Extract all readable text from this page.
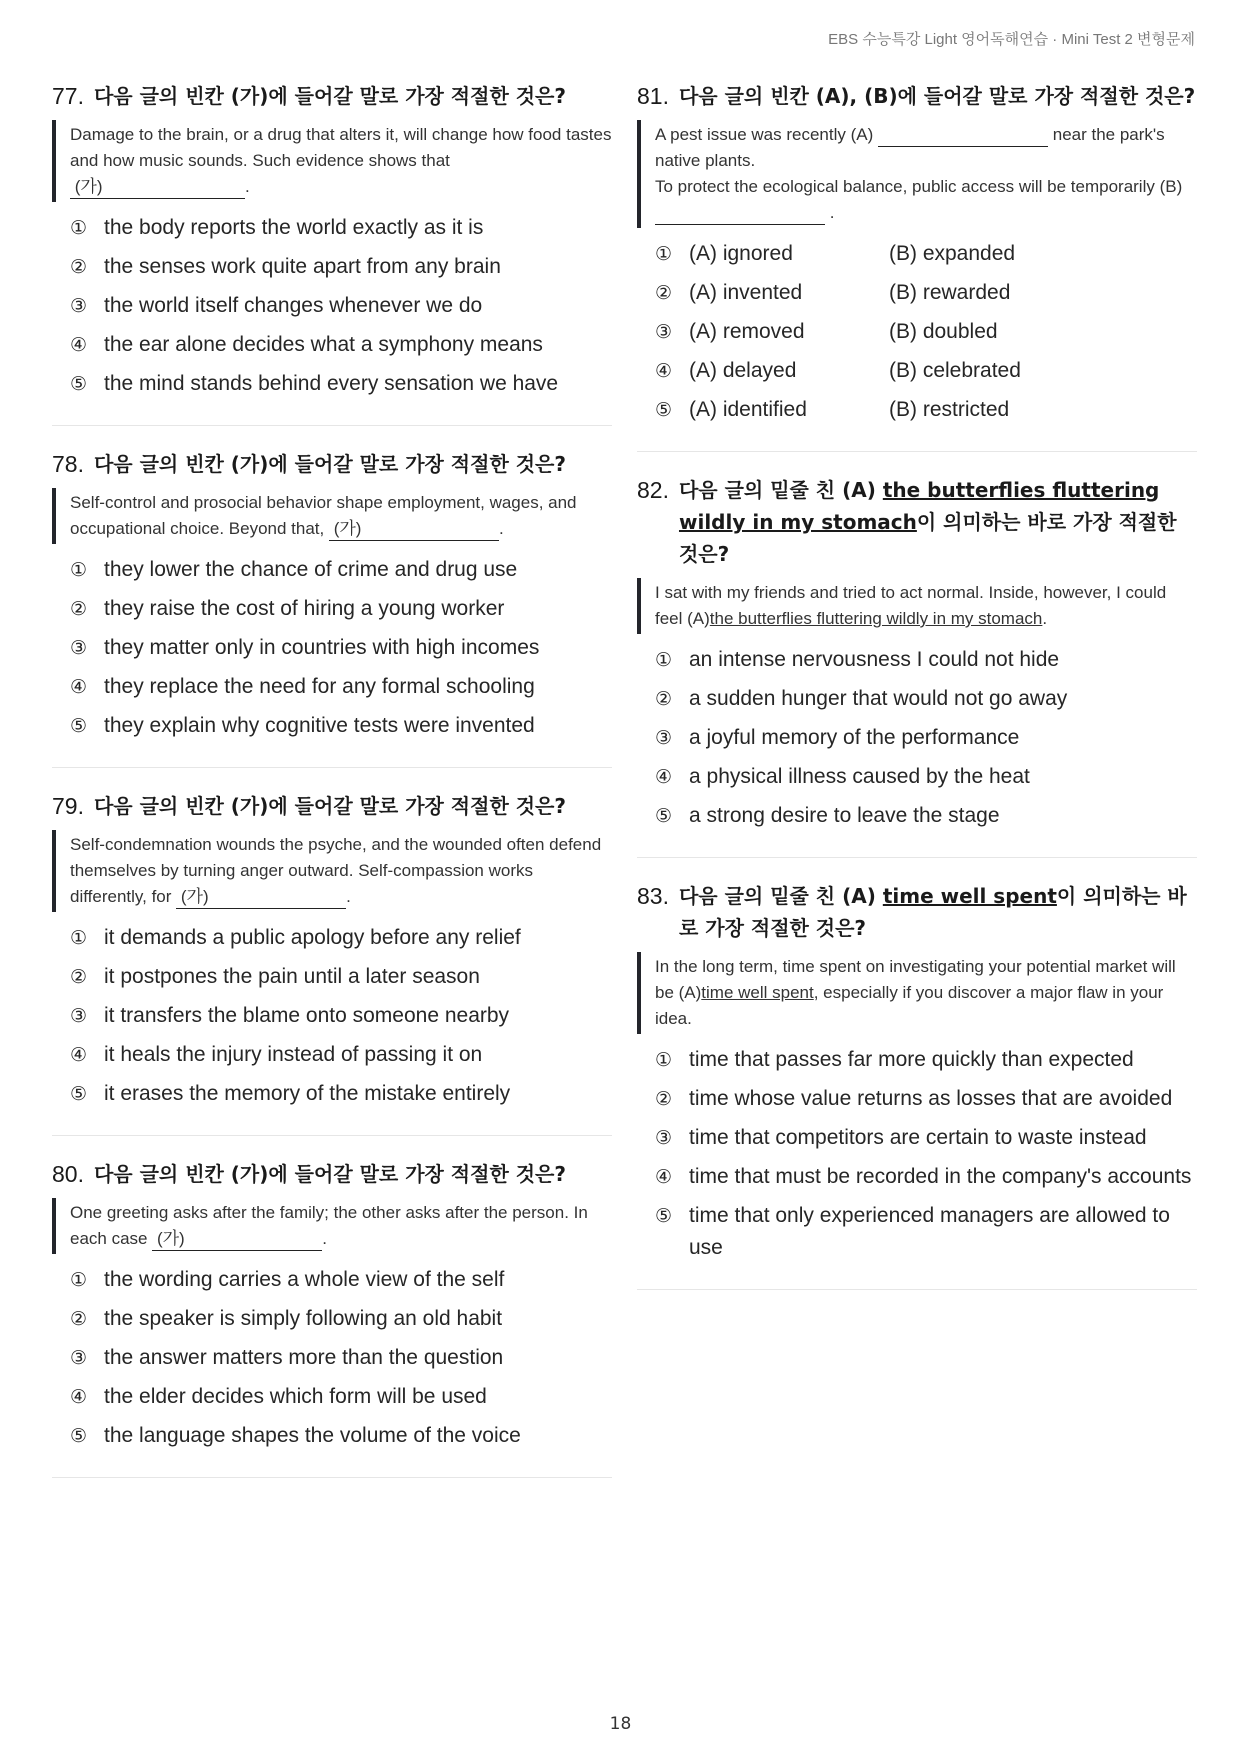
EBS 수능특강 Light 영어독해연습 · Mini Test 2 변형문제
77. 다음 글의 빈칸 (가)에 들어갈 말로 가장 적절한 것은?
Damage to the brain, or a drug that alters it, will change how food tastes and how music sounds. Such evidence shows that
(가)	.
① the body reports the world exactly as it is
② the senses work quite apart from any brain
③ the world itself changes whenever we do
④ the ear alone decides what a symphony means
⑤ the mind stands behind every sensation we have
78. 다음 글의 빈칸 (가)에 들어갈 말로 가장 적절한 것은?
Self-control and prosocial behavior shape employment, wages, and occupational choice. Beyond that, (가)	.
① they lower the chance of crime and drug use
② they raise the cost of hiring a young worker
③ they matter only in countries with high incomes
④ they replace the need for any formal schooling
⑤ they explain why cognitive tests were invented
79. 다음 글의 빈칸 (가)에 들어갈 말로 가장 적절한 것은?
Self-condemnation wounds the psyche, and the wounded often defend themselves by turning anger outward. Self-compassion works differently, for (가)	.
① it demands a public apology before any relief
② it postpones the pain until a later season
③ it transfers the blame onto someone nearby
④ it heals the injury instead of passing it on
⑤ it erases the memory of the mistake entirely
80. 다음 글의 빈칸 (가)에 들어갈 말로 가장 적절한 것은?
One greeting asks after the family; the other asks after the person. In each case (가)	.
① the wording carries a whole view of the self
② the speaker is simply following an old habit
③ the answer matters more than the question
④ the elder decides which form will be used
⑤ the language shapes the volume of the voice
81. 다음 글의 빈칸 (A), (B)에 들어갈 말로 가장 적절한 것은?
A pest issue was recently (A)	near the park's native plants.
To protect the ecological balance, public access will be temporarily (B)   .
① (A) ignored	(B) expanded
② (A) invented	(B) rewarded
③ (A) removed	(B) doubled
④ (A) delayed	(B) celebrated
⑤ (A) identified	(B) restricted
82. 다음 글의 밑줄 친 (A) the butterflies fluttering wildly in my stomach이 의미하는 바로 가장 적절한 것은?
I sat with my friends and tried to act normal. Inside, however, I could feel (A)the butterflies fluttering wildly in my stomach.
① an intense nervousness I could not hide
② a sudden hunger that would not go away
③ a joyful memory of the performance
④ a physical illness caused by the heat
⑤ a strong desire to leave the stage
83. 다음 글의 밑줄 친 (A) time well spent이 의미하는 바로 가장 적절한 것은?
In the long term, time spent on investigating your potential market will be (A)time well spent, especially if you discover a major flaw in your idea.
① time that passes far more quickly than expected
② time whose value returns as losses that are avoided
③ time that competitors are certain to waste instead
④ time that must be recorded in the company's accounts
⑤ time that only experienced managers are allowed to use
18
